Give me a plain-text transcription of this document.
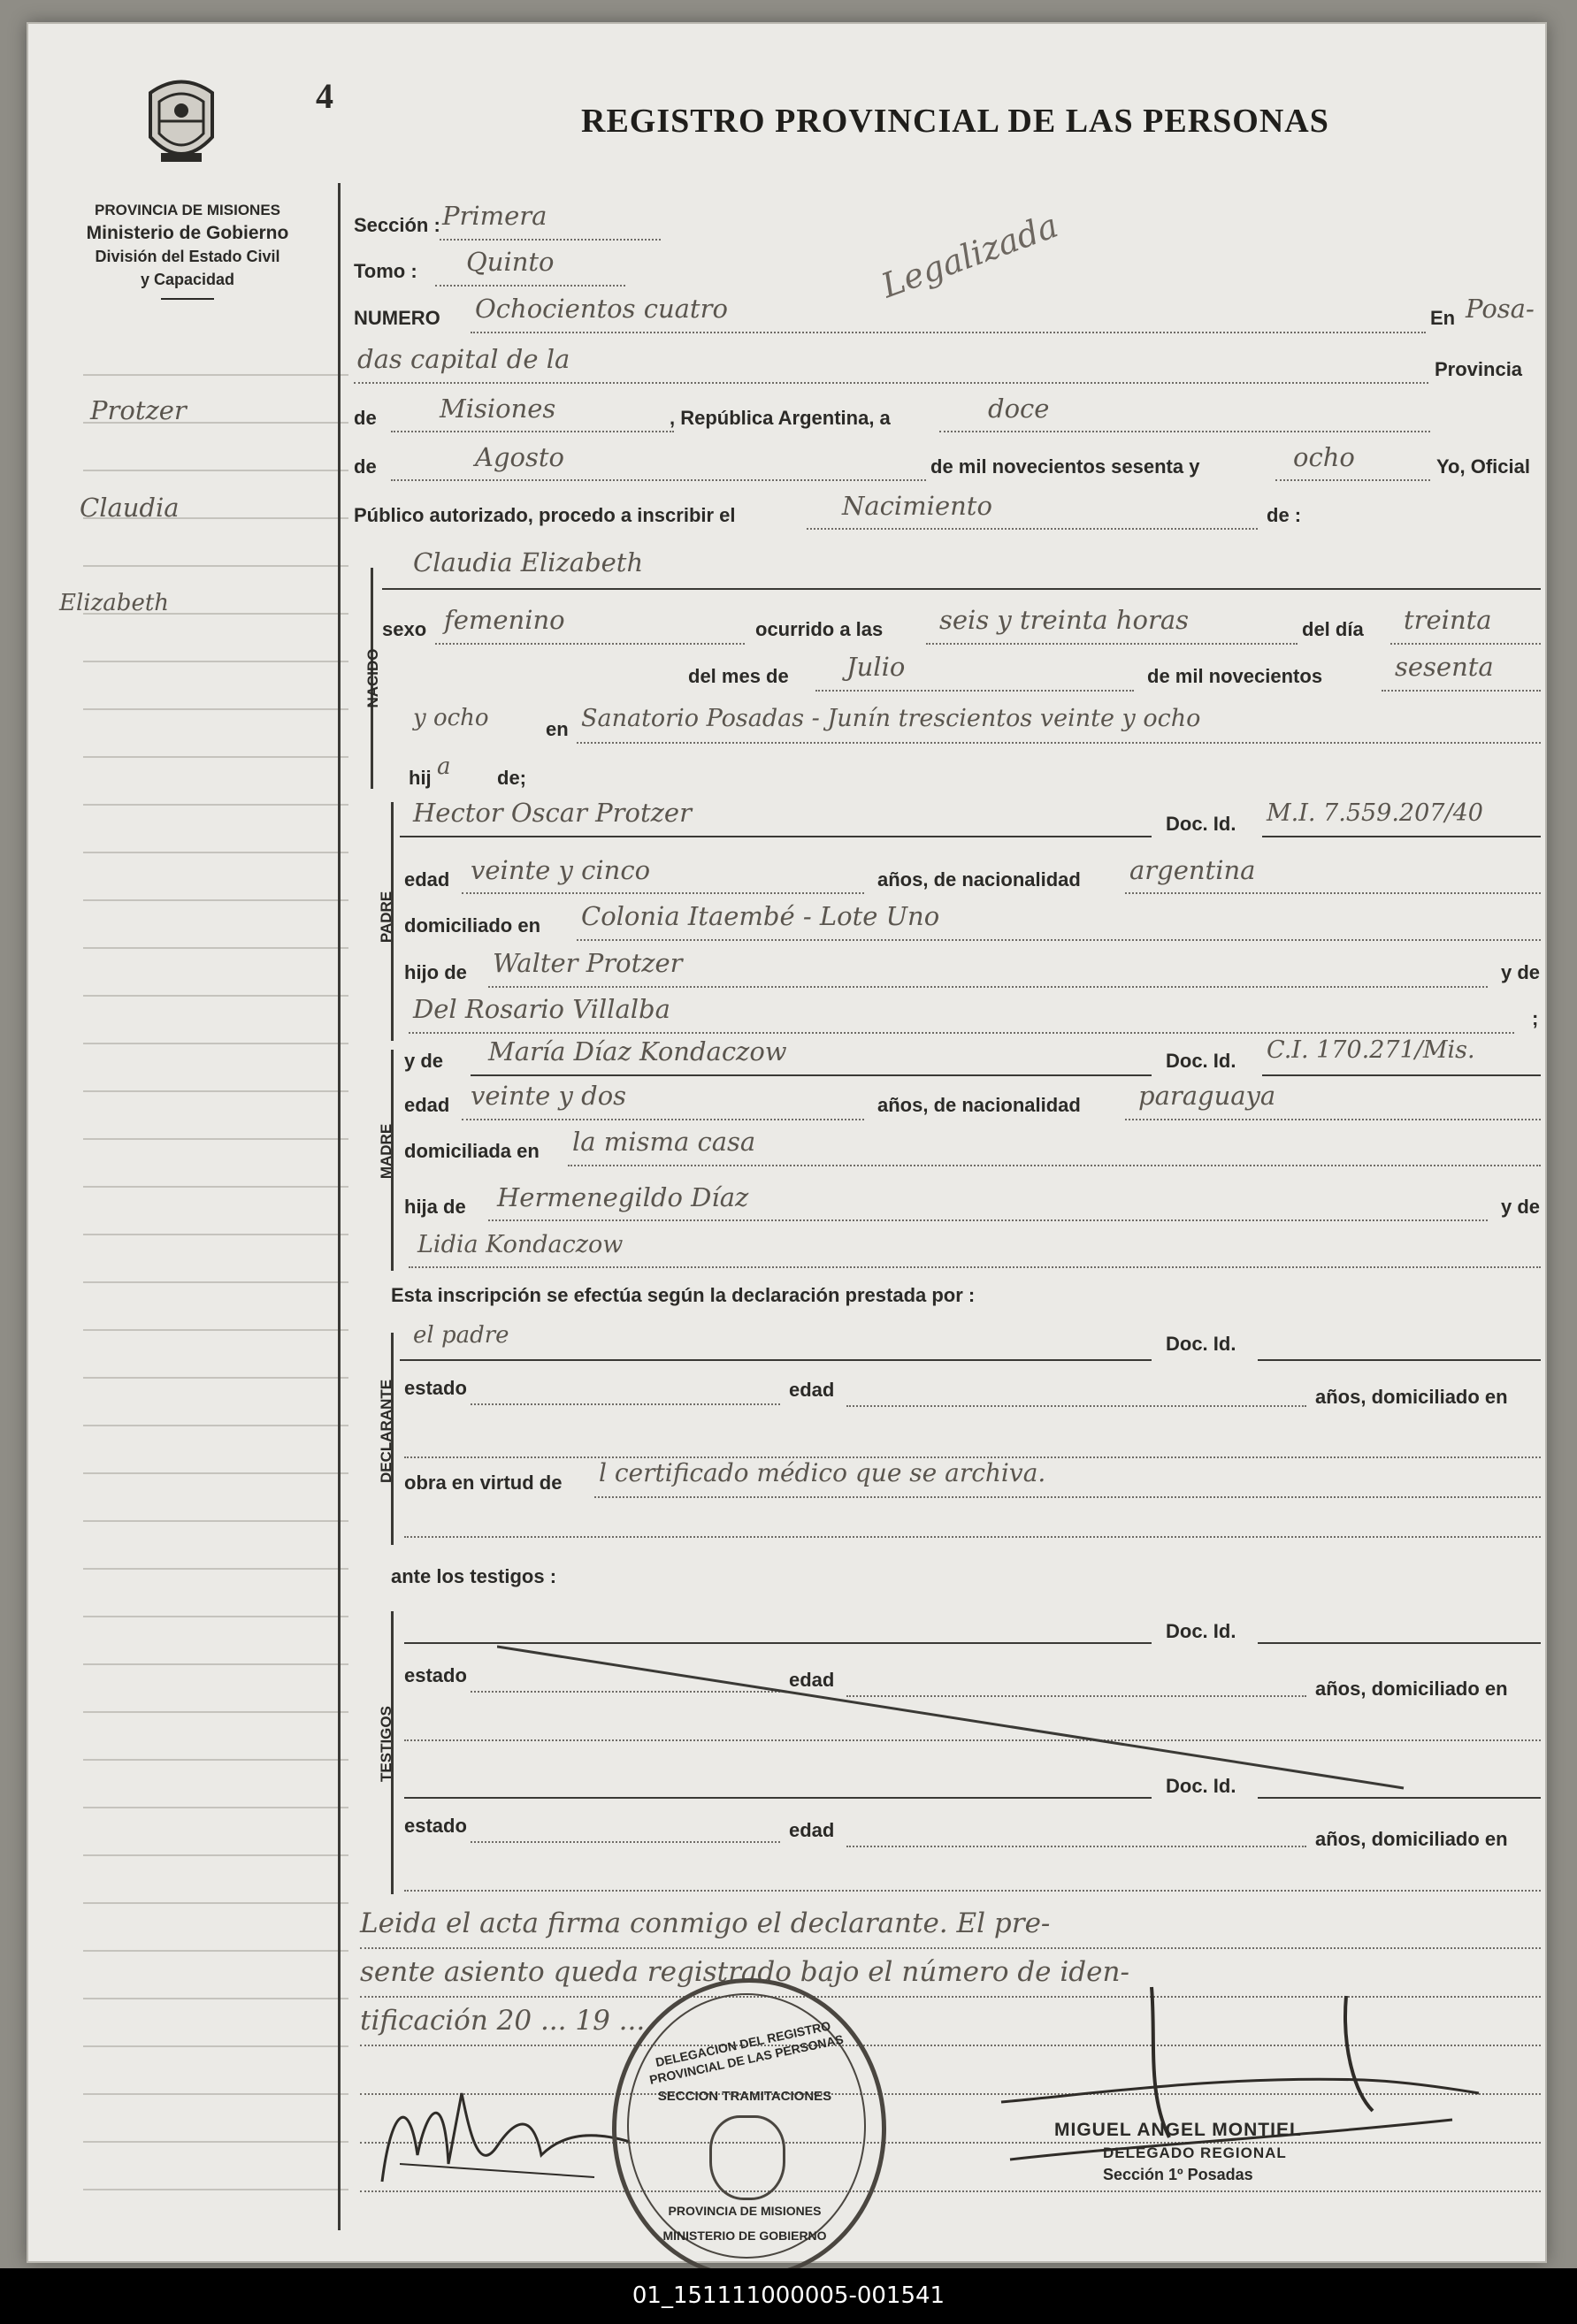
4
REGISTRO PROVINCIAL DE LAS PERSONAS
PROVINCIA DE MISIONES
Ministerio de Gobierno
División del Estado Civil
y Capacidad
Protzer
Claudia
Elizabeth
Sección : Primera
Tomo : Quinto	Legalizada
NUMERO Ochocientos cuatro	En Posa-
das capital de la	Provincia
de Misiones	, República Argentina, a	doce
de	Agosto	de mil novecientos sesenta y	ocho	Yo, Oficial
Público autorizado, procedo a inscribir el	Nacimiento	de :
NACIDO
Claudia Elizabeth
sexo femenino	ocurrido a las seis y treinta horas	del día treinta
del mes de Julio	de mil novecientos	sesenta
y ocho	en Sanatorio Posadas - Junín trescientos veinte y ocho
hij a de;
PADRE
Hector Oscar Protzer	Doc. Id. M.I. 7.559.207/40
edad veinte y cinco	años, de nacionalidad argentina
domiciliado en Colonia Itaembé - Lote Uno
hijo de Walter Protzer	y de
Del Rosario Villalba	;
MADRE
y de María Díaz Kondaczow	Doc. Id. C.I. 170.271/Mis.
edad veinte y dos	años, de nacionalidad paraguaya
domiciliada en la misma casa
hija de Hermenegildo Díaz	y de
Lidia Kondaczow
Esta inscripción se efectúa según la declaración prestada por :
DECLARANTE
el padre	Doc. Id.
estado	edad	años, domiciliado en
obra en virtud de l certificado médico que se archiva.
ante los testigos :
TESTIGOS
Doc. Id.
estado	edad	años, domiciliado en
Doc. Id.
estado	edad	años, domiciliado en
Leida el acta firma conmigo el declarante. El pre-
sente asiento queda registrado bajo el número de iden-
tificación 20 ... 19 ... DELEGACION DEL REGISTRO PROVINCIAL DE LAS PERSONAS
SECCION TRAMITACIONES
PROVINCIA DE MISIONES
MINISTERIO DE GOBIERNO
MIGUEL ANGEL MONTIEL
DELEGADO REGIONAL
Sección 1º Posadas
01_151111000005-001541
